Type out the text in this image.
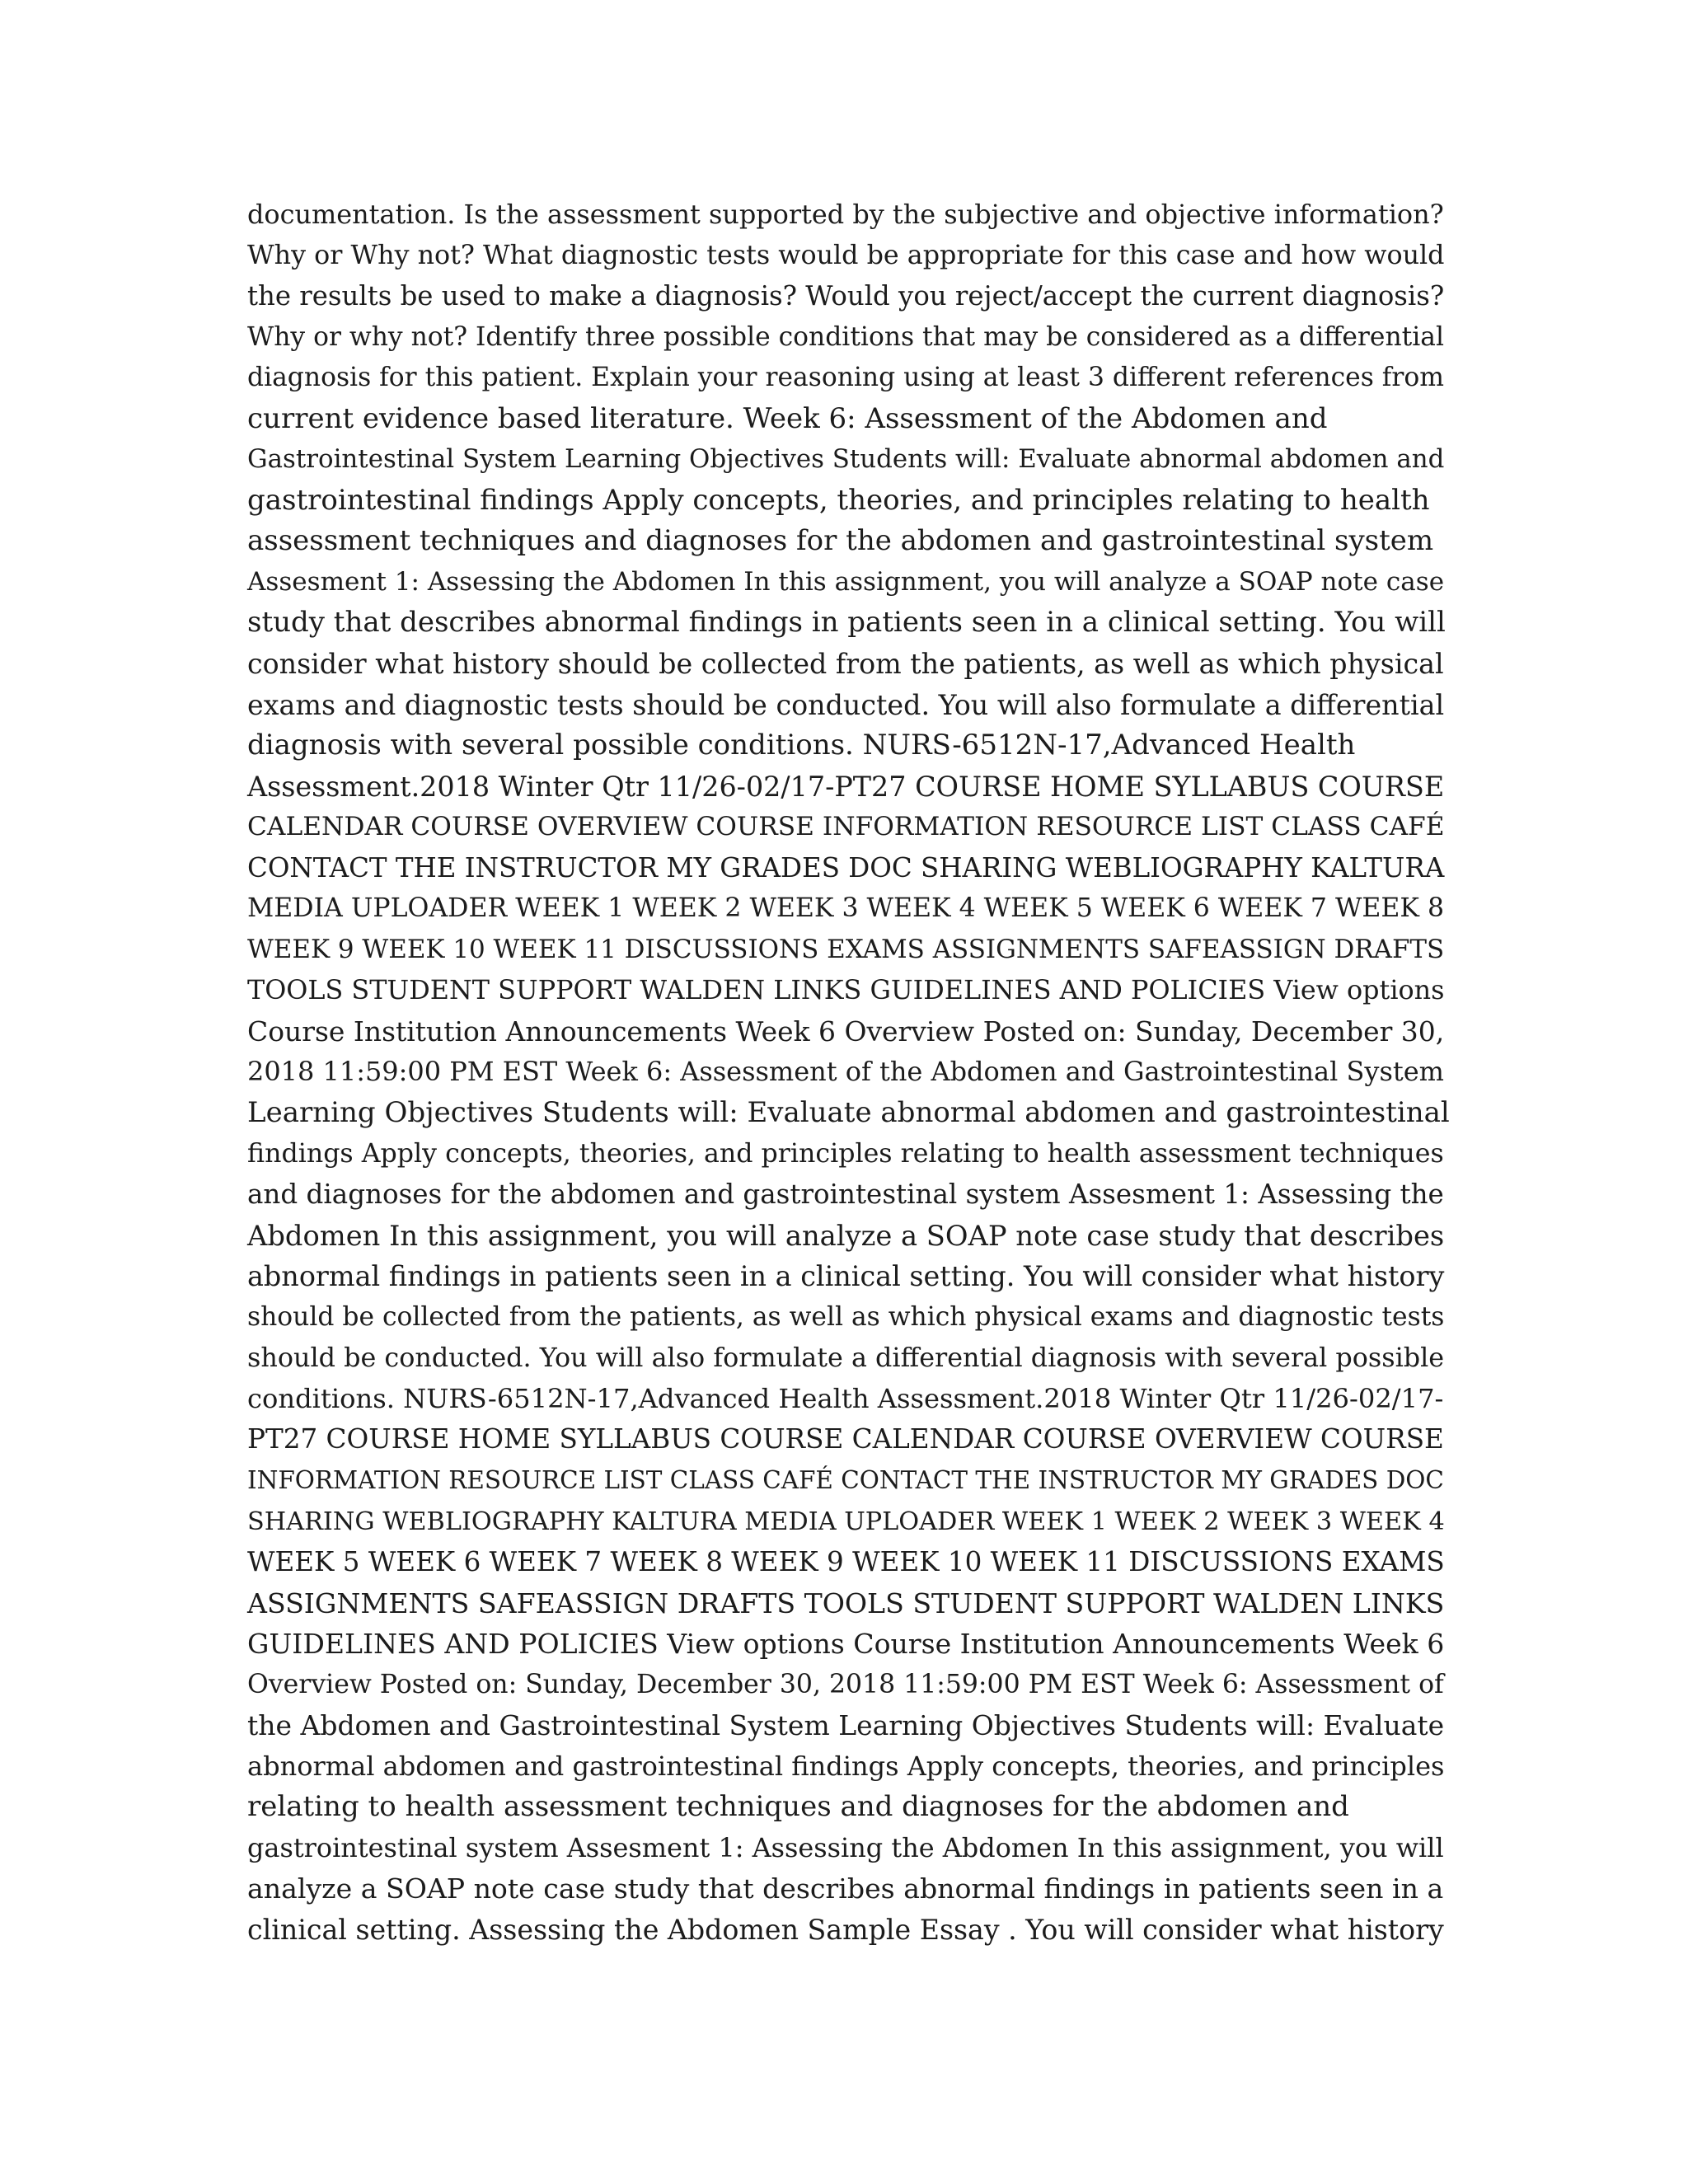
documentation. Is the assessment supported by the subjective and objective information?
Why or Why not? What diagnostic tests would be appropriate for this case and how would
the results be used to make a diagnosis? Would you reject/accept the current diagnosis?
Why or why not? Identify three possible conditions that may be considered as a differential
diagnosis for this patient. Explain your reasoning using at least 3 different references from
current evidence based literature. Week 6: Assessment of the Abdomen and
Gastrointestinal System Learning Objectives Students will: Evaluate abnormal abdomen and
gastrointestinal findings Apply concepts, theories, and principles relating to health
assessment techniques and diagnoses for the abdomen and gastrointestinal system
Assesment 1: Assessing the Abdomen In this assignment, you will analyze a SOAP note case
study that describes abnormal findings in patients seen in a clinical setting. You will
consider what history should be collected from the patients, as well as which physical
exams and diagnostic tests should be conducted. You will also formulate a differential
diagnosis with several possible conditions. NURS-6512N-17,Advanced Health
Assessment.2018 Winter Qtr 11/26-02/17-PT27 COURSE HOME SYLLABUS COURSE
CALENDAR COURSE OVERVIEW COURSE INFORMATION RESOURCE LIST CLASS CAFÉ
CONTACT THE INSTRUCTOR MY GRADES DOC SHARING WEBLIOGRAPHY KALTURA
MEDIA UPLOADER WEEK 1 WEEK 2 WEEK 3 WEEK 4 WEEK 5 WEEK 6 WEEK 7 WEEK 8
WEEK 9 WEEK 10 WEEK 11 DISCUSSIONS EXAMS ASSIGNMENTS SAFEASSIGN DRAFTS
TOOLS STUDENT SUPPORT WALDEN LINKS GUIDELINES AND POLICIES View options
Course Institution Announcements Week 6 Overview Posted on: Sunday, December 30,
2018 11:59:00 PM EST Week 6: Assessment of the Abdomen and Gastrointestinal System
Learning Objectives Students will: Evaluate abnormal abdomen and gastrointestinal
findings Apply concepts, theories, and principles relating to health assessment techniques
and diagnoses for the abdomen and gastrointestinal system Assesment 1: Assessing the
Abdomen In this assignment, you will analyze a SOAP note case study that describes
abnormal findings in patients seen in a clinical setting. You will consider what history
should be collected from the patients, as well as which physical exams and diagnostic tests
should be conducted. You will also formulate a differential diagnosis with several possible
conditions. NURS-6512N-17,Advanced Health Assessment.2018 Winter Qtr 11/26-02/17-
PT27 COURSE HOME SYLLABUS COURSE CALENDAR COURSE OVERVIEW COURSE
INFORMATION RESOURCE LIST CLASS CAFÉ CONTACT THE INSTRUCTOR MY GRADES DOC
SHARING WEBLIOGRAPHY KALTURA MEDIA UPLOADER WEEK 1 WEEK 2 WEEK 3 WEEK 4
WEEK 5 WEEK 6 WEEK 7 WEEK 8 WEEK 9 WEEK 10 WEEK 11 DISCUSSIONS EXAMS
ASSIGNMENTS SAFEASSIGN DRAFTS TOOLS STUDENT SUPPORT WALDEN LINKS
GUIDELINES AND POLICIES View options Course Institution Announcements Week 6
Overview Posted on: Sunday, December 30, 2018 11:59:00 PM EST Week 6: Assessment of
the Abdomen and Gastrointestinal System Learning Objectives Students will: Evaluate
abnormal abdomen and gastrointestinal findings Apply concepts, theories, and principles
relating to health assessment techniques and diagnoses for the abdomen and
gastrointestinal system Assesment 1: Assessing the Abdomen In this assignment, you will
analyze a SOAP note case study that describes abnormal findings in patients seen in a
clinical setting. Assessing the Abdomen Sample Essay . You will consider what history
